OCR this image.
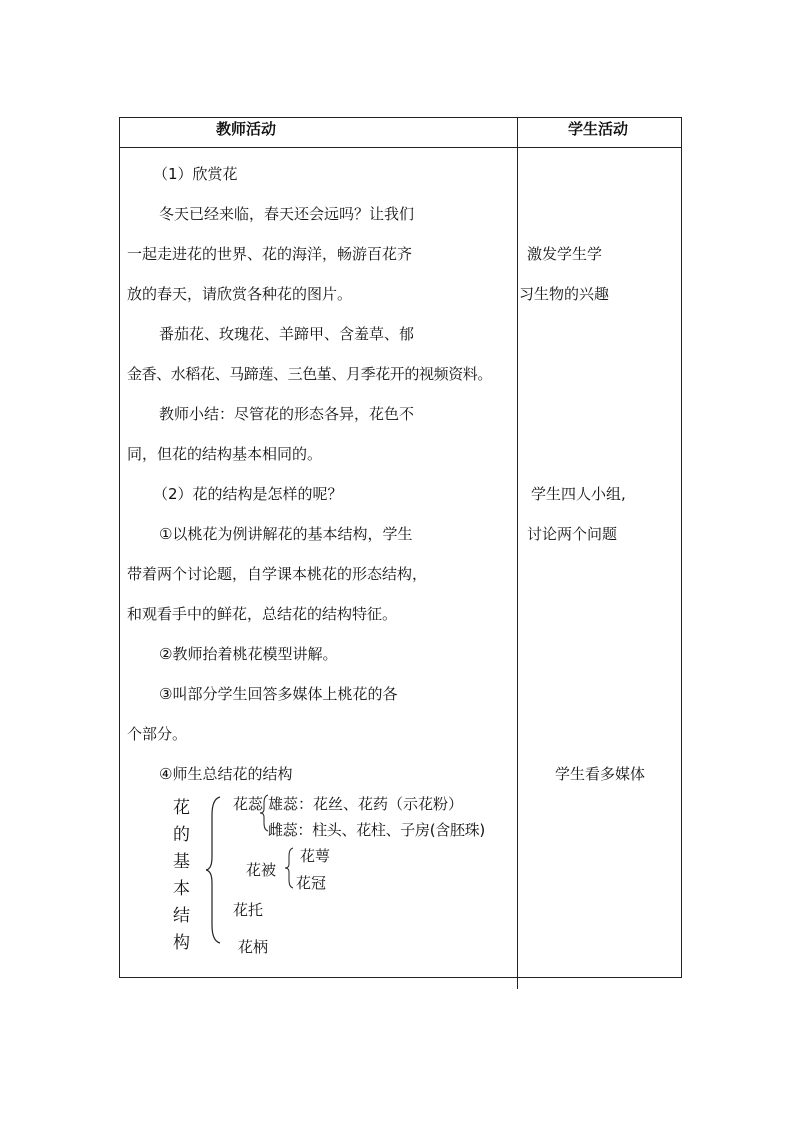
教师活动	学生活动
（1）欣赏花
冬天已经来临，春天还会远吗？让我们
一起走进花的世界、花的海洋，畅游百花齐
放的春天，请欣赏各种花的图片。
番茄花、玫瑰花、羊蹄甲、含羞草、郁
金香、水稻花、马蹄莲、三色堇、月季花开的视频资料。
教师小结：尽管花的形态各异，花色不
同，但花的结构基本相同的。
（2）花的结构是怎样的呢？
①以桃花为例讲解花的基本结构，学生
带着两个讨论题，自学课本桃花的形态结构，
和观看手中的鲜花，总结花的结构特征。
②教师抬着桃花模型讲解。
③叫部分学生回答多媒体上桃花的各
个部分。
④师生总结花的结构
花
的
基
本
结
构
花蕊 雄蕊：花丝、花药（示花粉）
雌蕊：柱头、花柱、子房(含胚珠)
花被
花萼
花冠
花托
花柄
激发学生学
习生物的兴趣
学生四人小组,
讨论两个问题
学生看多媒体
